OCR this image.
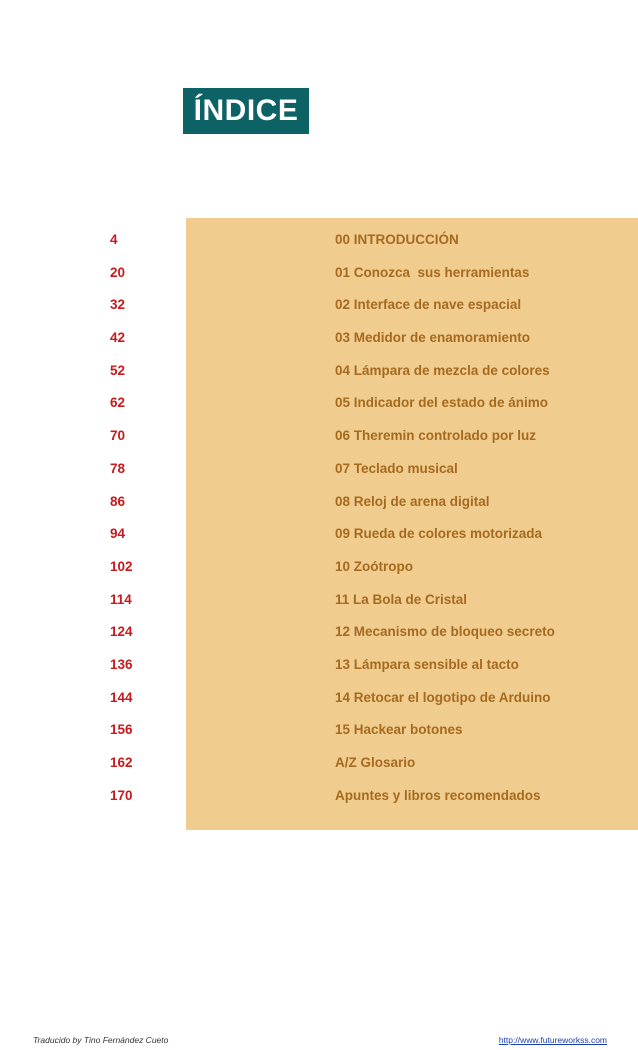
ÍNDICE
4	00 INTRODUCCIÓN
20	01 Conozca  sus herramientas
32	02 Interface de nave espacial
42	03 Medidor de enamoramiento
52	04 Lámpara de mezcla de colores
62	05 Indicador del estado de ánimo
70	06 Theremin controlado por luz
78	07 Teclado musical
86	08 Reloj de arena digital
94	09 Rueda de colores motorizada
102	10 Zoótropo
114	11 La Bola de Cristal
124	12 Mecanismo de bloqueo secreto
136	13 Lámpara sensible al tacto
144	14 Retocar el logotipo de Arduino
156	15 Hackear botones
162	A/Z Glosario
170	Apuntes y libros recomendados
Traducido by Tino Fernández Cueto	http://www.futureworkss.com
